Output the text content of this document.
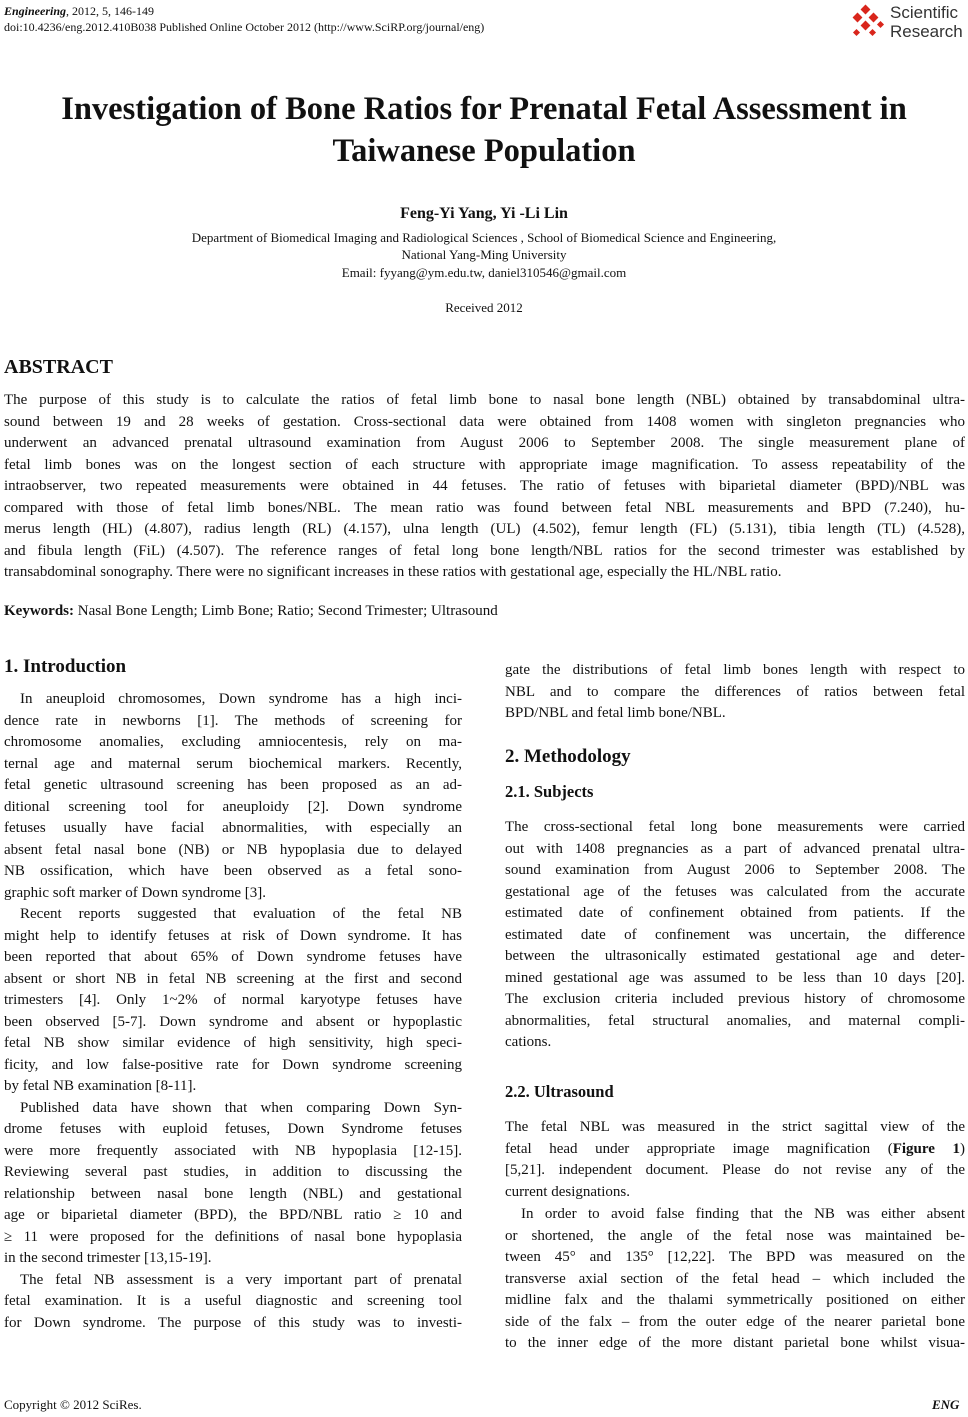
Engineering, 2012, 5, 146-149
doi:10.4236/eng.2012.410B038 Published Online October 2012 (http://www.SciRP.org/journal/eng)
Scientific
Research
Investigation of Bone Ratios for Prenatal Fetal Assessment in
Taiwanese Population
Feng-Yi Yang, Yi -Li Lin
Department of Biomedical Imaging and Radiological Sciences , School of Biomedical Science and Engineering,
National Yang-Ming University
Email: fyyang@ym.edu.tw, daniel310546@gmail.com
Received 2012
ABSTRACT
The purpose of this study is to calculate the ratios of fetal limb bone to nasal bone length (NBL) obtained by transabdominal ultra-
sound between 19 and 28 weeks of gestation. Cross-sectional data were obtained from 1408 women with singleton pregnancies who
underwent an advanced prenatal ultrasound examination from August 2006 to September 2008. The single measurement plane of
fetal limb bones was on the longest section of each structure with appropriate image magnification. To assess repeatability of the
intraobserver, two repeated measurements were obtained in 44 fetuses. The ratio of fetuses with biparietal diameter (BPD)/NBL was
compared with those of fetal limb bones/NBL. The mean ratio was found between fetal NBL measurements and BPD (7.240), hu-
merus length (HL) (4.807), radius length (RL) (4.157), ulna length (UL) (4.502), femur length (FL) (5.131), tibia length (TL) (4.528),
and fibula length (FiL) (4.507). The reference ranges of fetal long bone length/NBL ratios for the second trimester was established by
transabdominal sonography. There were no significant increases in these ratios with gestational age, especially the HL/NBL ratio.
Keywords: Nasal Bone Length; Limb Bone; Ratio; Second Trimester; Ultrasound
1. Introduction
In aneuploid chromosomes, Down syndrome has a high inci-
dence rate in newborns [1]. The methods of screening for
chromosome anomalies, excluding amniocentesis, rely on ma-
ternal age and maternal serum biochemical markers. Recently,
fetal genetic ultrasound screening has been proposed as an ad-
ditional screening tool for aneuploidy [2]. Down syndrome
fetuses usually have facial abnormalities, with especially an
absent fetal nasal bone (NB) or NB hypoplasia due to delayed
NB ossification, which have been observed as a fetal sono-
graphic soft marker of Down syndrome [3].
Recent reports suggested that evaluation of the fetal NB
might help to identify fetuses at risk of Down syndrome. It has
been reported that about 65% of Down syndrome fetuses have
absent or short NB in fetal NB screening at the first and second
trimesters [4]. Only 1~2% of normal karyotype fetuses have
been observed [5-7]. Down syndrome and absent or hypoplastic
fetal NB show similar evidence of high sensitivity, high speci-
ficity, and low false-positive rate for Down syndrome screening
by fetal NB examination [8-11].
Published data have shown that when comparing Down Syn-
drome fetuses with euploid fetuses, Down Syndrome fetuses
were more frequently associated with NB hypoplasia [12-15].
Reviewing several past studies, in addition to discussing the
relationship between nasal bone length (NBL) and gestational
age or biparietal diameter (BPD), the BPD/NBL ratio ≥ 10 and
≥ 11 were proposed for the definitions of nasal bone hypoplasia
in the second trimester [13,15-19].
The fetal NB assessment is a very important part of prenatal
fetal examination. It is a useful diagnostic and screening tool
for Down syndrome. The purpose of this study was to investi-
gate the distributions of fetal limb bones length with respect to
NBL and to compare the differences of ratios between fetal
BPD/NBL and fetal limb bone/NBL.
2. Methodology
2.1. Subjects
The cross-sectional fetal long bone measurements were carried
out with 1408 pregnancies as a part of advanced prenatal ultra-
sound examination from August 2006 to September 2008. The
gestational age of the fetuses was calculated from the accurate
estimated date of confinement obtained from patients. If the
estimated date of confinement was uncertain, the difference
between the ultrasonically estimated gestational age and deter-
mined gestational age was assumed to be less than 10 days [20].
The exclusion criteria included previous history of chromosome
abnormalities, fetal structural anomalies, and maternal compli-
cations.
2.2. Ultrasound
The fetal NBL was measured in the strict sagittal view of the
fetal head under appropriate image magnification (Figure 1)
[5,21]. independent document. Please do not revise any of the
current designations.
In order to avoid false finding that the NB was either absent
or shortened, the angle of the fetal nose was maintained be-
tween 45° and 135° [12,22]. The BPD was measured on the
transverse axial section of the fetal head – which included the
midline falx and the thalami symmetrically positioned on either
side of the falx – from the outer edge of the nearer parietal bone
to the inner edge of the more distant parietal bone whilst visua-
Copyright © 2012 SciRes.	ENG
